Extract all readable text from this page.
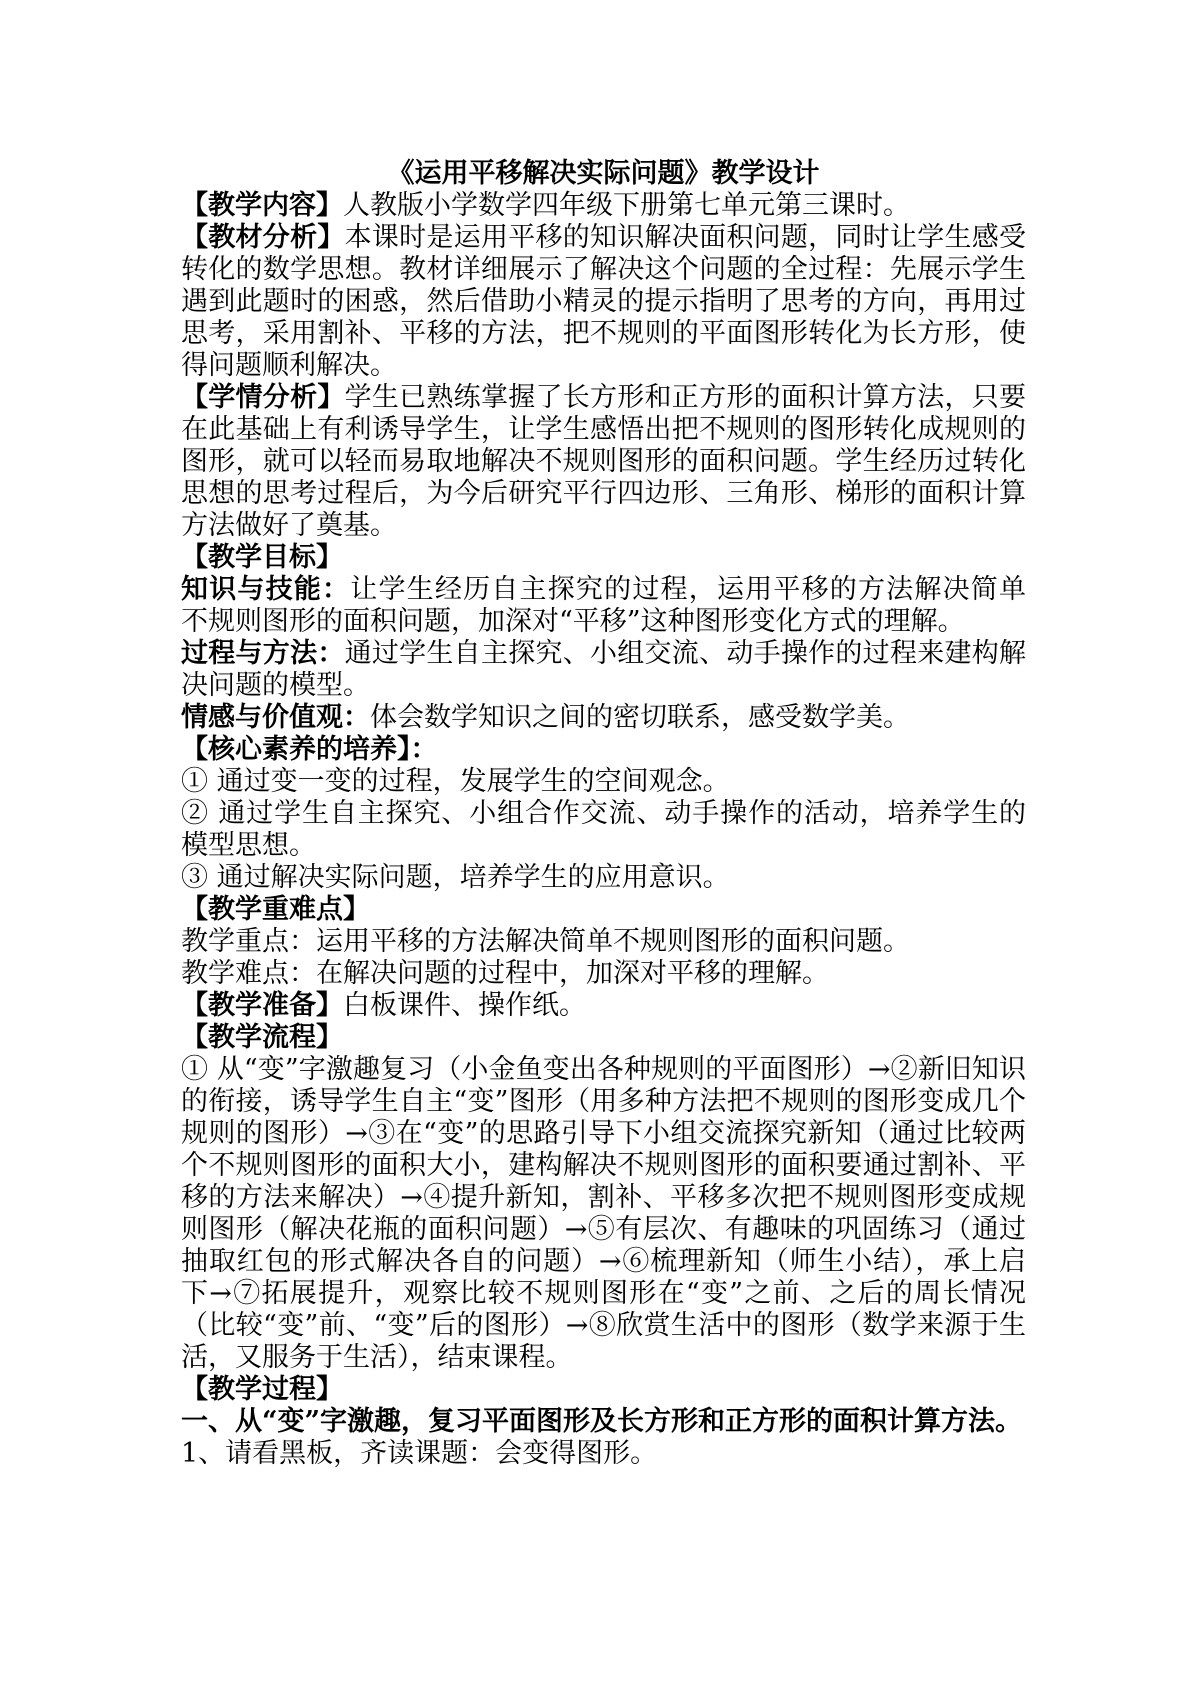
《运用平移解决实际问题》教学设计

【教学内容】人教版小学数学四年级下册第七单元第三课时。

【教材分析】本课时是运用平移的知识解决面积问题，同时让学生感受转化的数学思想。教材详细展示了解决这个问题的全过程：先展示学生遇到此题时的困惑，然后借助小精灵的提示指明了思考的方向，再用过思考，采用割补、平移的方法，把不规则的平面图形转化为长方形，使得问题顺利解决。

【学情分析】学生已熟练掌握了长方形和正方形的面积计算方法，只要在此基础上有利诱导学生，让学生感悟出把不规则的图形转化成规则的图形，就可以轻而易取地解决不规则图形的面积问题。学生经历过转化思想的思考过程后，为今后研究平行四边形、三角形、梯形的面积计算方法做好了奠基。

【教学目标】

知识与技能：让学生经历自主探究的过程，运用平移的方法解决简单　不规则图形的面积问题，加深对“平移”这种图形变化方式的理解。

过程与方法：通过学生自主探究、小组交流、动手操作的过程来建构解决问题的模型。

情感与价值观：体会数学知识之间的密切联系，感受数学美。

【核心素养的培养】：

① 通过变一变的过程，发展学生的空间观念。

② 通过学生自主探究、小组合作交流、动手操作的活动，培养学生的模型思想。

③ 通过解决实际问题，培养学生的应用意识。

【教学重难点】

教学重点：运用平移的方法解决简单不规则图形的面积问题。

教学难点：在解决问题的过程中，加深对平移的理解。

【教学准备】白板课件、操作纸。

【教学流程】

① 从“变”字激趣复习（小金鱼变出各种规则的平面图形）→②新旧知识的衔接，诱导学生自主“变”图形（用多种方法把不规则的图形变成几个规则的图形）→③在“变”的思路引导下小组交流探究新知（通过比较两个不规则图形的面积大小，建构解决不规则图形的面积要通过割补、平移的方法来解决）→④提升新知，割补、平移多次把不规则图形变成规则图形（解决花瓶的面积问题）→⑤有层次、有趣味的巩固练习（通过抽取红包的形式解决各自的问题）→⑥梳理新知（师生小结），承上启下→⑦拓展提升，观察比较不规则图形在“变”之前、之后的周长情况（比较“变”前、“变”后的图形）→⑧欣赏生活中的图形（数学来源于生活，又服务于生活），结束课程。

【教学过程】

一、从“变”字激趣，复习平面图形及长方形和正方形的面积计算方法。

1、请看黑板，齐读课题：会变得图形。
